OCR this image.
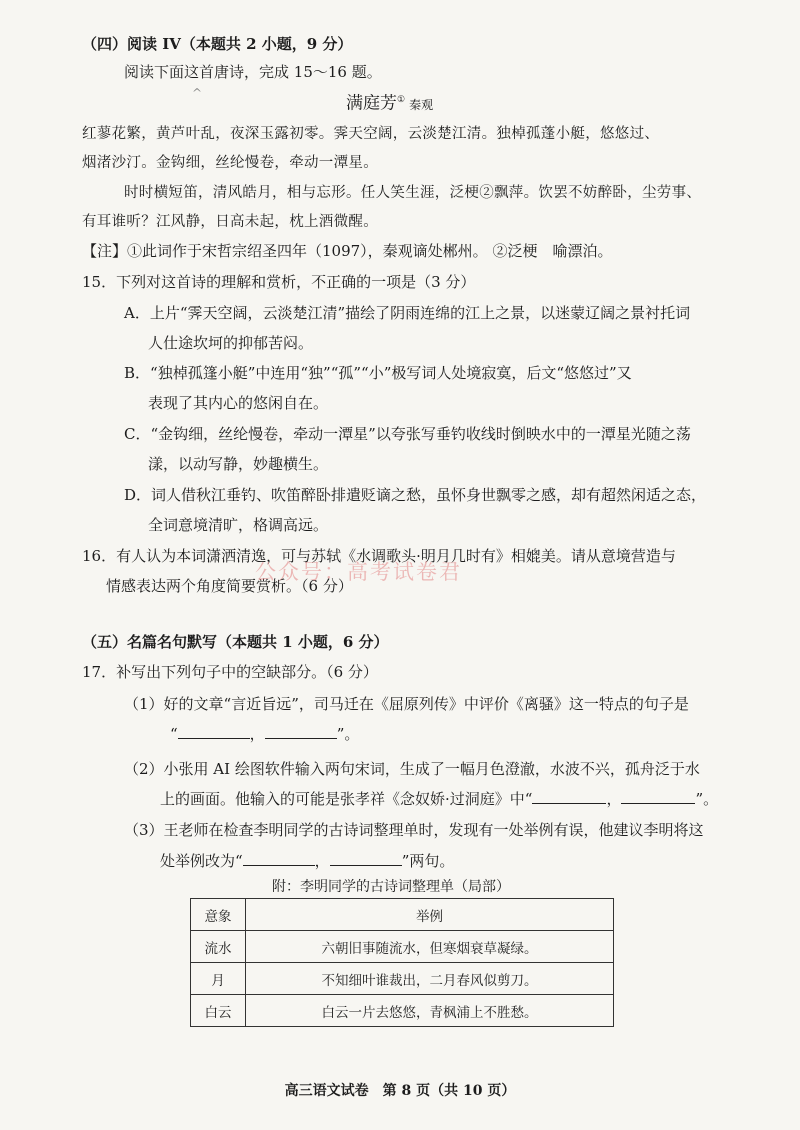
（四）阅读 IV（本题共 2 小题，9 分）
阅读下面这首唐诗，完成 15～16 题。
^
满庭芳① 秦观
红蓼花繁，黄芦叶乱，夜深玉露初零。霁天空阔，云淡楚江清。独棹孤蓬小艇，悠悠过、
烟渚沙汀。金钩细，丝纶慢卷，牵动一潭星。
时时横短笛，清风皓月，相与忘形。任人笑生涯，泛梗②飘萍。饮罢不妨醉卧，尘劳事、
有耳谁听？江风静，日高未起，枕上酒微醒。
【注】①此词作于宋哲宗绍圣四年（1097），秦观谪处郴州。 ②泛梗　喻漂泊。
15．下列对这首诗的理解和赏析，不正确的一项是（3 分）
A．上片“霁天空阔，云淡楚江清”描绘了阴雨连绵的江上之景，以迷蒙辽阔之景衬托词
人仕途坎坷的抑郁苦闷。
B．“独棹孤篷小艇”中连用“独”“孤”“小”极写词人处境寂寞，后文“悠悠过”又
表现了其内心的悠闲自在。
C．“金钩细，丝纶慢卷，牵动一潭星”以夸张写垂钓收线时倒映水中的一潭星光随之荡
漾，以动写静，妙趣横生。
D．词人借秋江垂钓、吹笛醉卧排遣贬谪之愁，虽怀身世飘零之感，却有超然闲适之态，
全词意境清旷，格调高远。
16．有人认为本词潇洒清逸，可与苏轼《水调歌头·明月几时有》相媲美。请从意境营造与
情感表达两个角度简要赏析。（6 分）
公众号：高考试卷君
（五）名篇名句默写（本题共 1 小题，6 分）
17．补写出下列句子中的空缺部分。（6 分）
（1）好的文章“言近旨远”，司马迁在《屈原列传》中评价《离骚》这一特点的句子是
“	，	”。
（2）小张用 AI 绘图软件输入两句宋词，生成了一幅月色澄澈，水波不兴，孤舟泛于水
上的画面。他输入的可能是张孝祥《念奴娇·过洞庭》中“	，	”。
（3）王老师在检查李明同学的古诗词整理单时，发现有一处举例有误，他建议李明将这
处举例改为“	，	”两句。
附：李明同学的古诗词整理单（局部）
意象	举例
流水	六朝旧事随流水，但寒烟衰草凝绿。
月	不知细叶谁裁出，二月春风似剪刀。
白云	白云一片去悠悠，青枫浦上不胜愁。
高三语文试卷　第 8 页（共 10 页）
